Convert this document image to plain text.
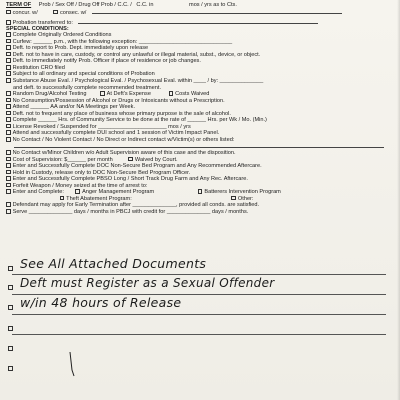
TERM OF Prob / Sex Off / Drug Off Prob / C.C. / C.C. in	mos / yrs as to Cts.
concur. w/	consec. w/
Probation transferred to:
SPECIAL CONDITIONS:
Complete Originally Ordered Conditions
Curfew: ______ p.m., with the following exception: ______________________________
Deft. to report to Prob. Dept. immediately upon release
Deft. not to have in care, custody, or control any unlawful or illegal material, subst., device, or object.
Deft. to immediately notify Prob. Officer if place of residence or job changes.
Restitution CRO filed
Subject to all ordinary and special conditions of Probation
Substance Abuse Eval. / Psychological Eval. / Psychosexual Eval. within ____ / by: ______________
and deft. to successfully complete recommended treatment.
Random Drug/Alcohol Testing	At Deft's Expense	Costs Waived
No Consumption/Possession of Alcohol or Drugs or Intoxicants without a Prescription.
Attend ______ AA and/or NA Meetings per Week.
Deft. not to frequent any place of business whose primary purpose is the sale of alcohol.
Complete ______ Hrs. of Community Service to be done at the rate of ______ Hrs. per Wk / Mo. (Min.)
License Revoked / Suspended for ______________________ mos / yrs
Attend and successfully complete DUI school and 1 session of Victim Impact Panel.
No Contact / No Violent Contact / No Direct or Indirect contact w/Victim(s) or others listed:
No Contact w/Minor Children w/o Adult Supervision aware of this case and the disposition.
Cost of Supervision: $______ per month	Waived by Court.
Enter and Successfully Complete DOC Non-Secure Bed Program and Any Recommended Aftercare.
Hold in Custody, release only to DOC Non-Secure Bed Program Officer.
Enter and Successfully Complete PBSO Long / Short Track Drug Farm and Any Rec. Aftercare.
Forfeit Weapon / Money seized at the time of arrest to:
Enter and Complete:	Anger Management Program	Batterers Intervention Program
Theft Abatement Program:	Other:
Defendant may apply for Early Termination after ______________, provided all conds. are satisfied.
Serve ______________ days / months in PBCJ with credit for ______________ days / months.
See All Attached Documents
Deft must Register as a Sexual Offender
w/in 48 hours of Release
